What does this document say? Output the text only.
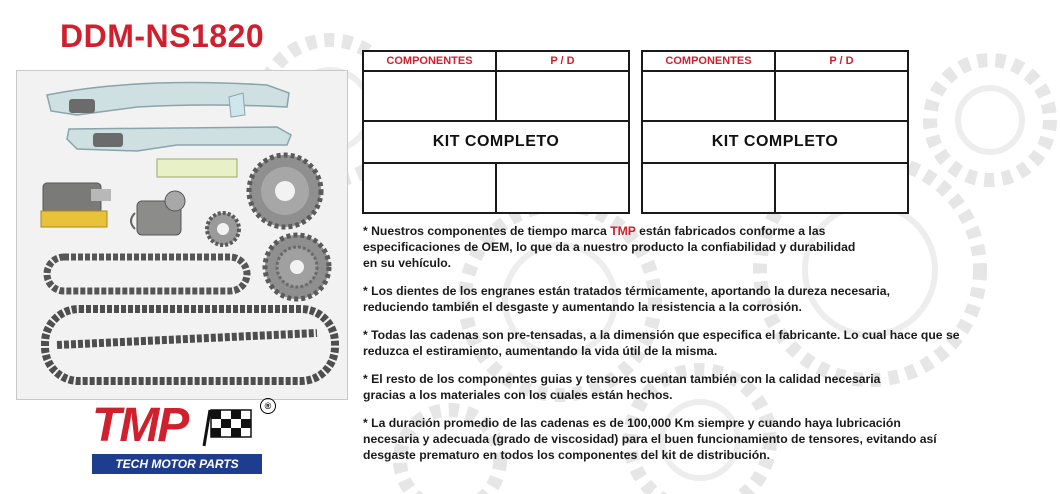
DDM-NS1820
TMP	®
TECH MOTOR PARTS
COMPONENTES	P / D

KIT COMPLETO	

COMPONENTES	P / D

KIT COMPLETO	

* Nuestros componentes de tiempo marca TMP están fabricados conforme a las
especificaciones de OEM, lo que da a nuestro producto la confiabilidad y durabilidad
en su vehículo.

* Los dientes de los engranes están tratados térmicamente, aportando la dureza necesaria,
reduciendo también el desgaste y aumentando la resistencia a la corrosión.

* Todas las cadenas son pre-tensadas, a la dimensión que especifica el fabricante. Lo cual hace que se
reduzca el estiramiento, aumentando la vida útil de la misma.

* El resto de los componentes guias y tensores cuentan también con la calidad necesaria
gracias a los materiales con los cuales están hechos.

* La duración promedio de las cadenas es de 100,000 Km siempre y cuando haya lubricación
necesaria y adecuada (grado de viscosidad) para el buen funcionamiento de tensores, evitando así
desgaste prematuro en todos los componentes del kit de distribución.
